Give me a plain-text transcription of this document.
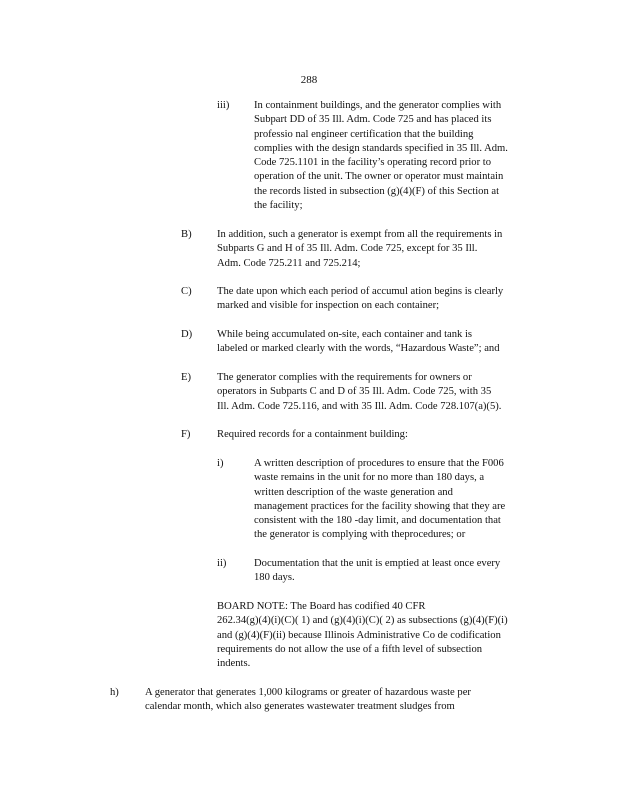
288
iii) In containment buildings, and the generator complies with
Subpart DD of 35 Ill. Adm. Code 725 and has placed its
professio nal engineer certification that the building
complies with the design standards specified in 35 Ill. Adm.
Code 725.1101 in the facility’s operating record prior to
operation of the unit. The owner or operator must maintain
the records listed in subsection (g)(4)(F) of this Section at
the facility;
B) In addition, such a generator is exempt from all the requirements in
Subparts G and H of 35 Ill. Adm. Code 725, except for 35 Ill.
Adm. Code 725.211 and 725.214;
C) The date upon which each period of accumul ation begins is clearly
marked and visible for inspection on each container;
D) While being accumulated on-site, each container and tank is
labeled or marked clearly with the words, “Hazardous Waste”; and
E) The generator complies with the requirements for owners or
operators in Subparts C and D of 35 Ill. Adm. Code 725, with 35
Ill. Adm. Code 725.116, and with 35 Ill. Adm. Code 728.107(a)(5).
F)	Required records for a containment building:
i)	A written description of procedures to ensure that the F006
waste remains in the unit for no more than 180 days, a
written description of the waste generation and
management practices for the facility showing that they are
consistent with the 180 -day limit, and documentation that
the generator is complying with theprocedures; or
ii)	Documentation that the unit is emptied at least once every
180 days.
BOARD NOTE: The Board has codified 40 CFR
262.34(g)(4)(i)(C)( 1) and (g)(4)(i)(C)( 2) as subsections (g)(4)(F)(i)
and (g)(4)(F)(ii) because Illinois Administrative Co de codification
requirements do not allow the use of a fifth level of subsection
indents.
h) A generator that generates 1,000 kilograms or greater of hazardous waste per
calendar month, which also generates wastewater treatment sludges from
